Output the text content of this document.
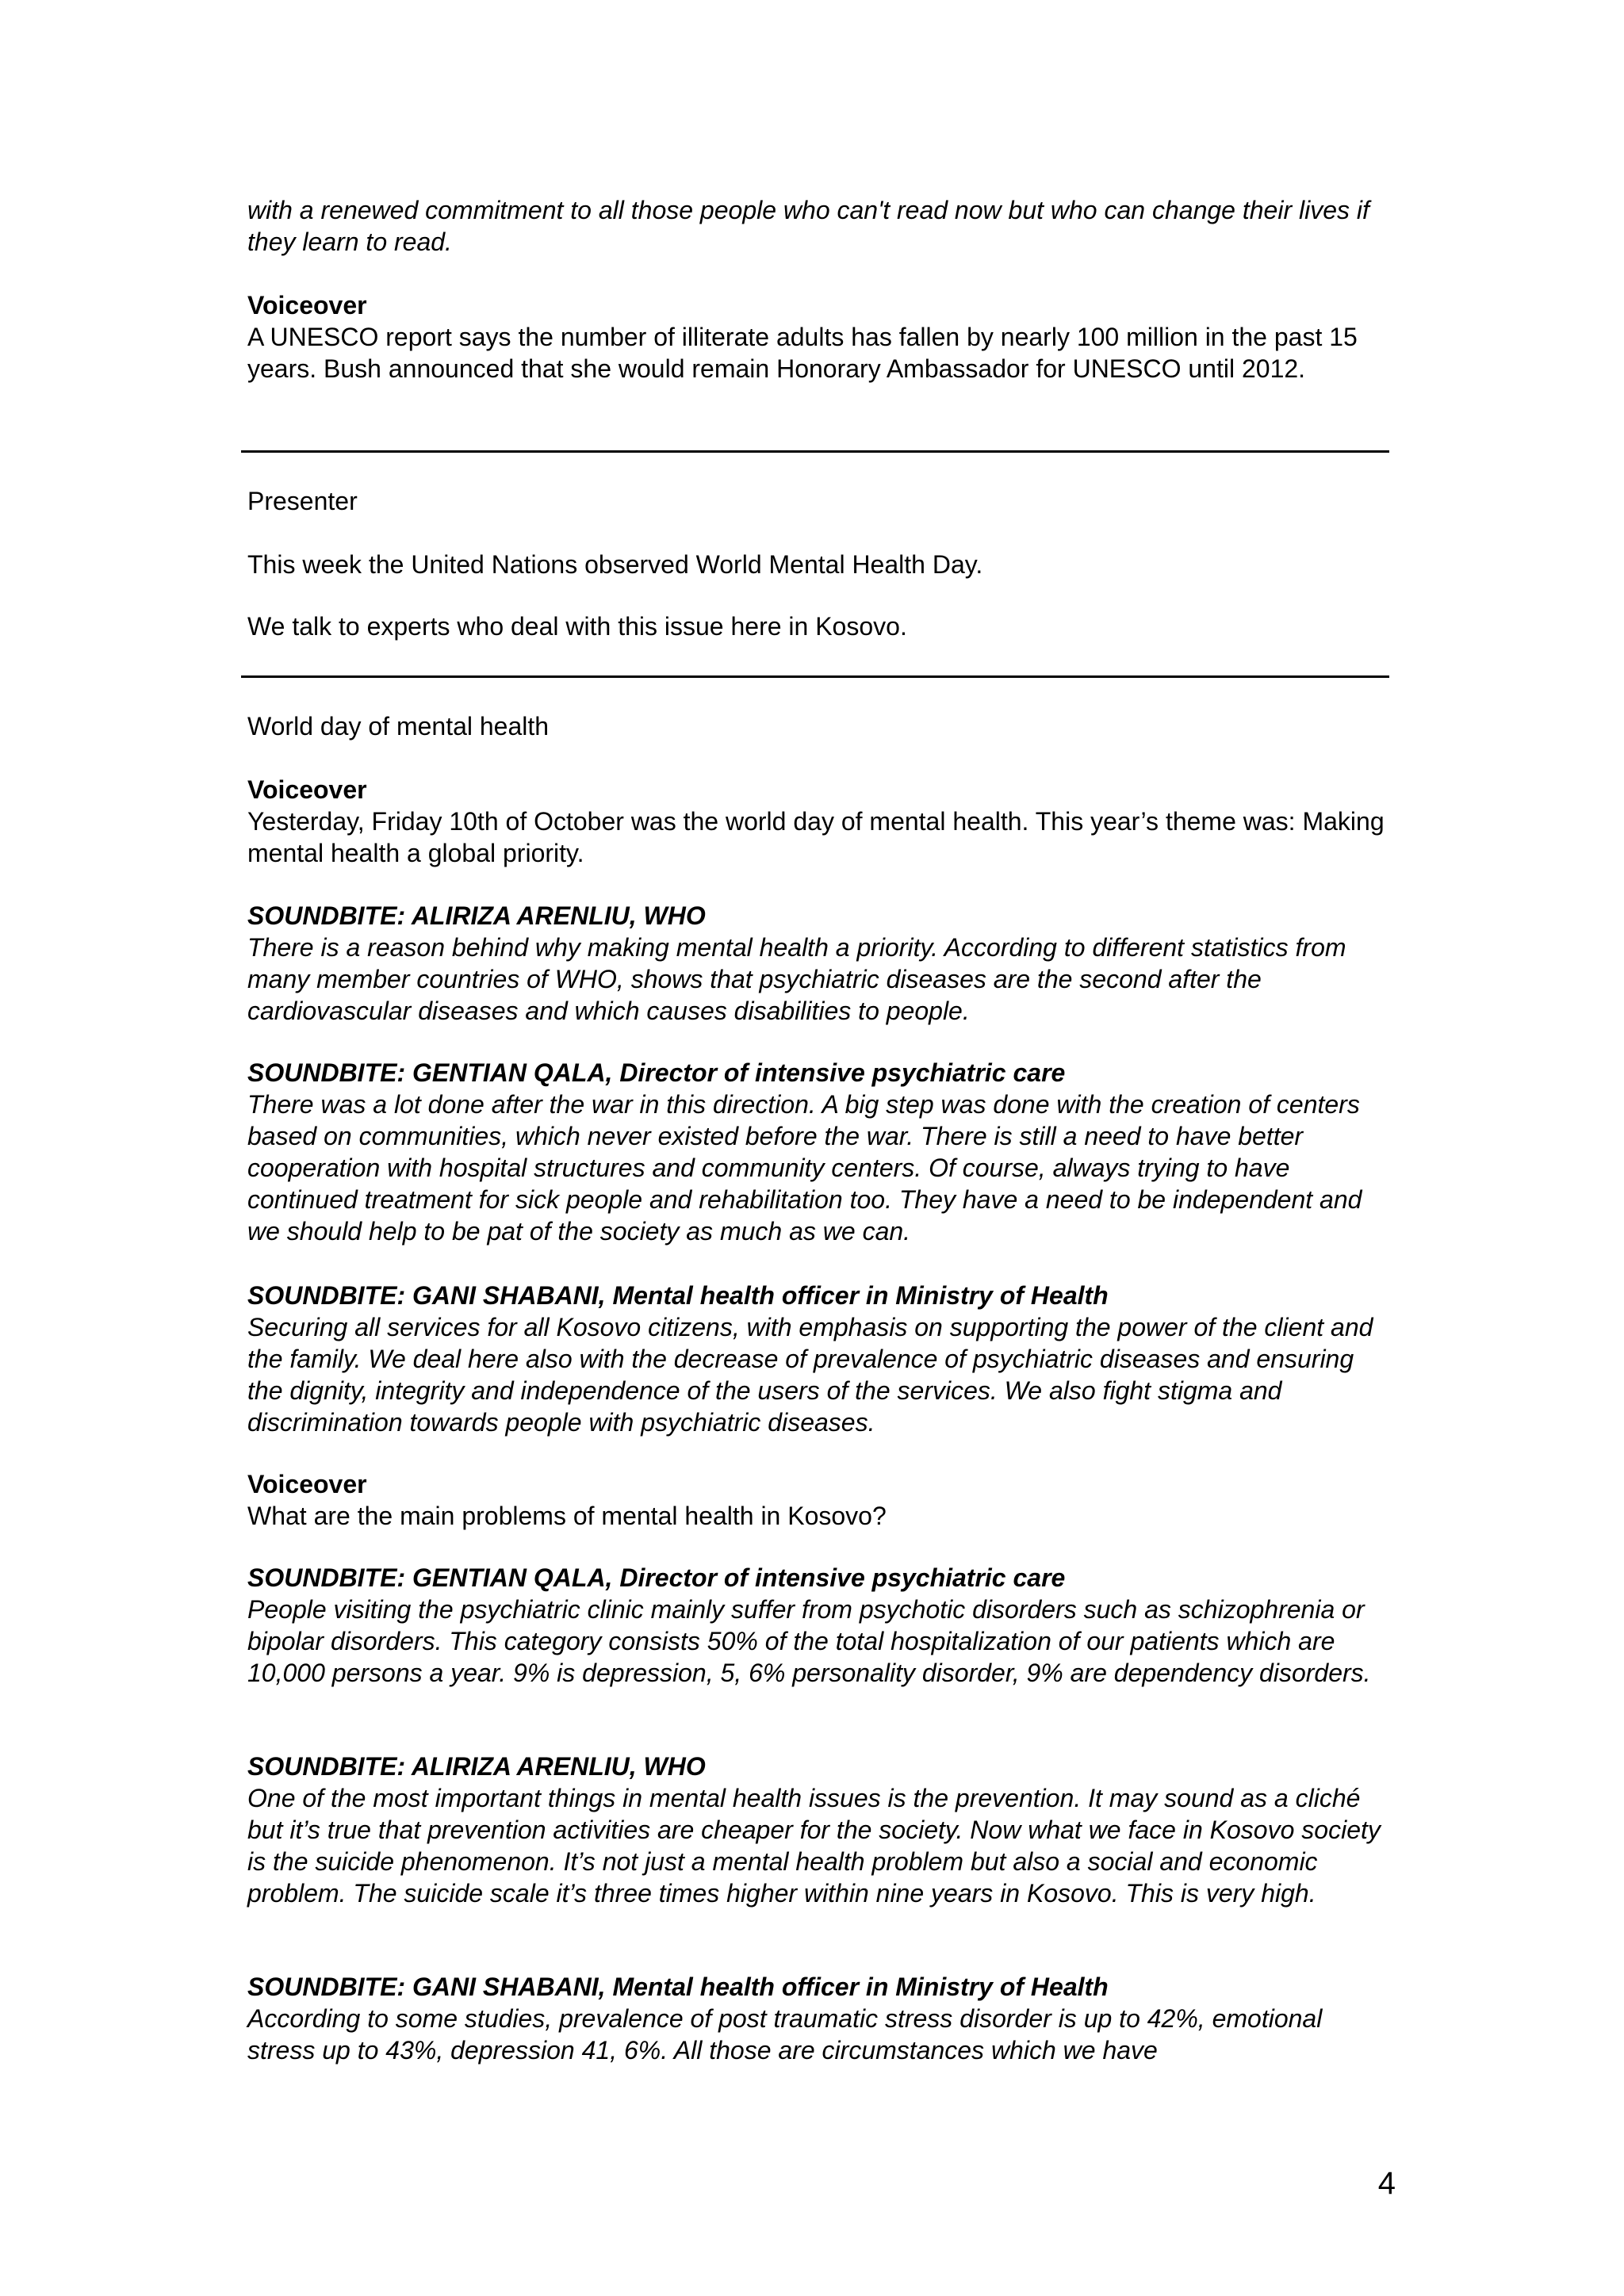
with a renewed commitment to all those people who can't read now but who can change their lives if they learn to read.

Voiceover
A UNESCO report says the number of illiterate adults has fallen by nearly 100 million in the past 15 years. Bush announced that she would remain Honorary Ambassador for UNESCO until 2012.

Presenter

This week the United Nations observed World Mental Health Day.

We talk to experts who deal with this issue here in Kosovo.

World day of mental health

Voiceover
Yesterday, Friday 10th of October was the world day of mental health. This year’s theme was: Making mental health a global priority.
SOUNDBITE: ALIRIZA ARENLIU, WHO
There is a reason behind why making mental health a priority. According to different statistics from many member countries of WHO, shows that psychiatric diseases are the second after the cardiovascular diseases and which causes disabilities to people.
SOUNDBITE: GENTIAN QALA, Director of intensive psychiatric care
There was a lot done after the war in this direction. A big step was done with the creation of centers based on communities, which never existed before the war. There is still a need to have better cooperation with hospital structures and community centers. Of course, always trying to have continued treatment for sick people and rehabilitation too. They have a need to be independent and we should help to be pat of the society as much as we can.
SOUNDBITE: GANI SHABANI, Mental health officer in Ministry of Health
Securing all services for all Kosovo citizens, with emphasis on supporting the power of the client and the family. We deal here also with the decrease of prevalence of psychiatric diseases and ensuring the dignity, integrity and independence of the users of the services. We also fight stigma and discrimination towards people with psychiatric diseases.
Voiceover
What are the main problems of mental health in Kosovo?
SOUNDBITE: GENTIAN QALA, Director of intensive psychiatric care
People visiting the psychiatric clinic mainly suffer from psychotic disorders such as schizophrenia or bipolar disorders. This category consists 50% of the total hospitalization of our patients which are 10,000 persons a year. 9% is depression, 5, 6% personality disorder, 9% are dependency disorders.
SOUNDBITE: ALIRIZA ARENLIU, WHO
One of the most important things in mental health issues is the prevention. It may sound as a cliché but it’s true that prevention activities are cheaper for the society. Now what we face in Kosovo society is the suicide phenomenon. It’s not just a mental health problem but also a social and economic problem. The suicide scale it’s three times higher within nine years in Kosovo. This is very high.
SOUNDBITE: GANI SHABANI, Mental health officer in Ministry of Health
According to some studies, prevalence of post traumatic stress disorder is up to 42%, emotional stress up to 43%, depression 41, 6%. All those are circumstances which we have
4
